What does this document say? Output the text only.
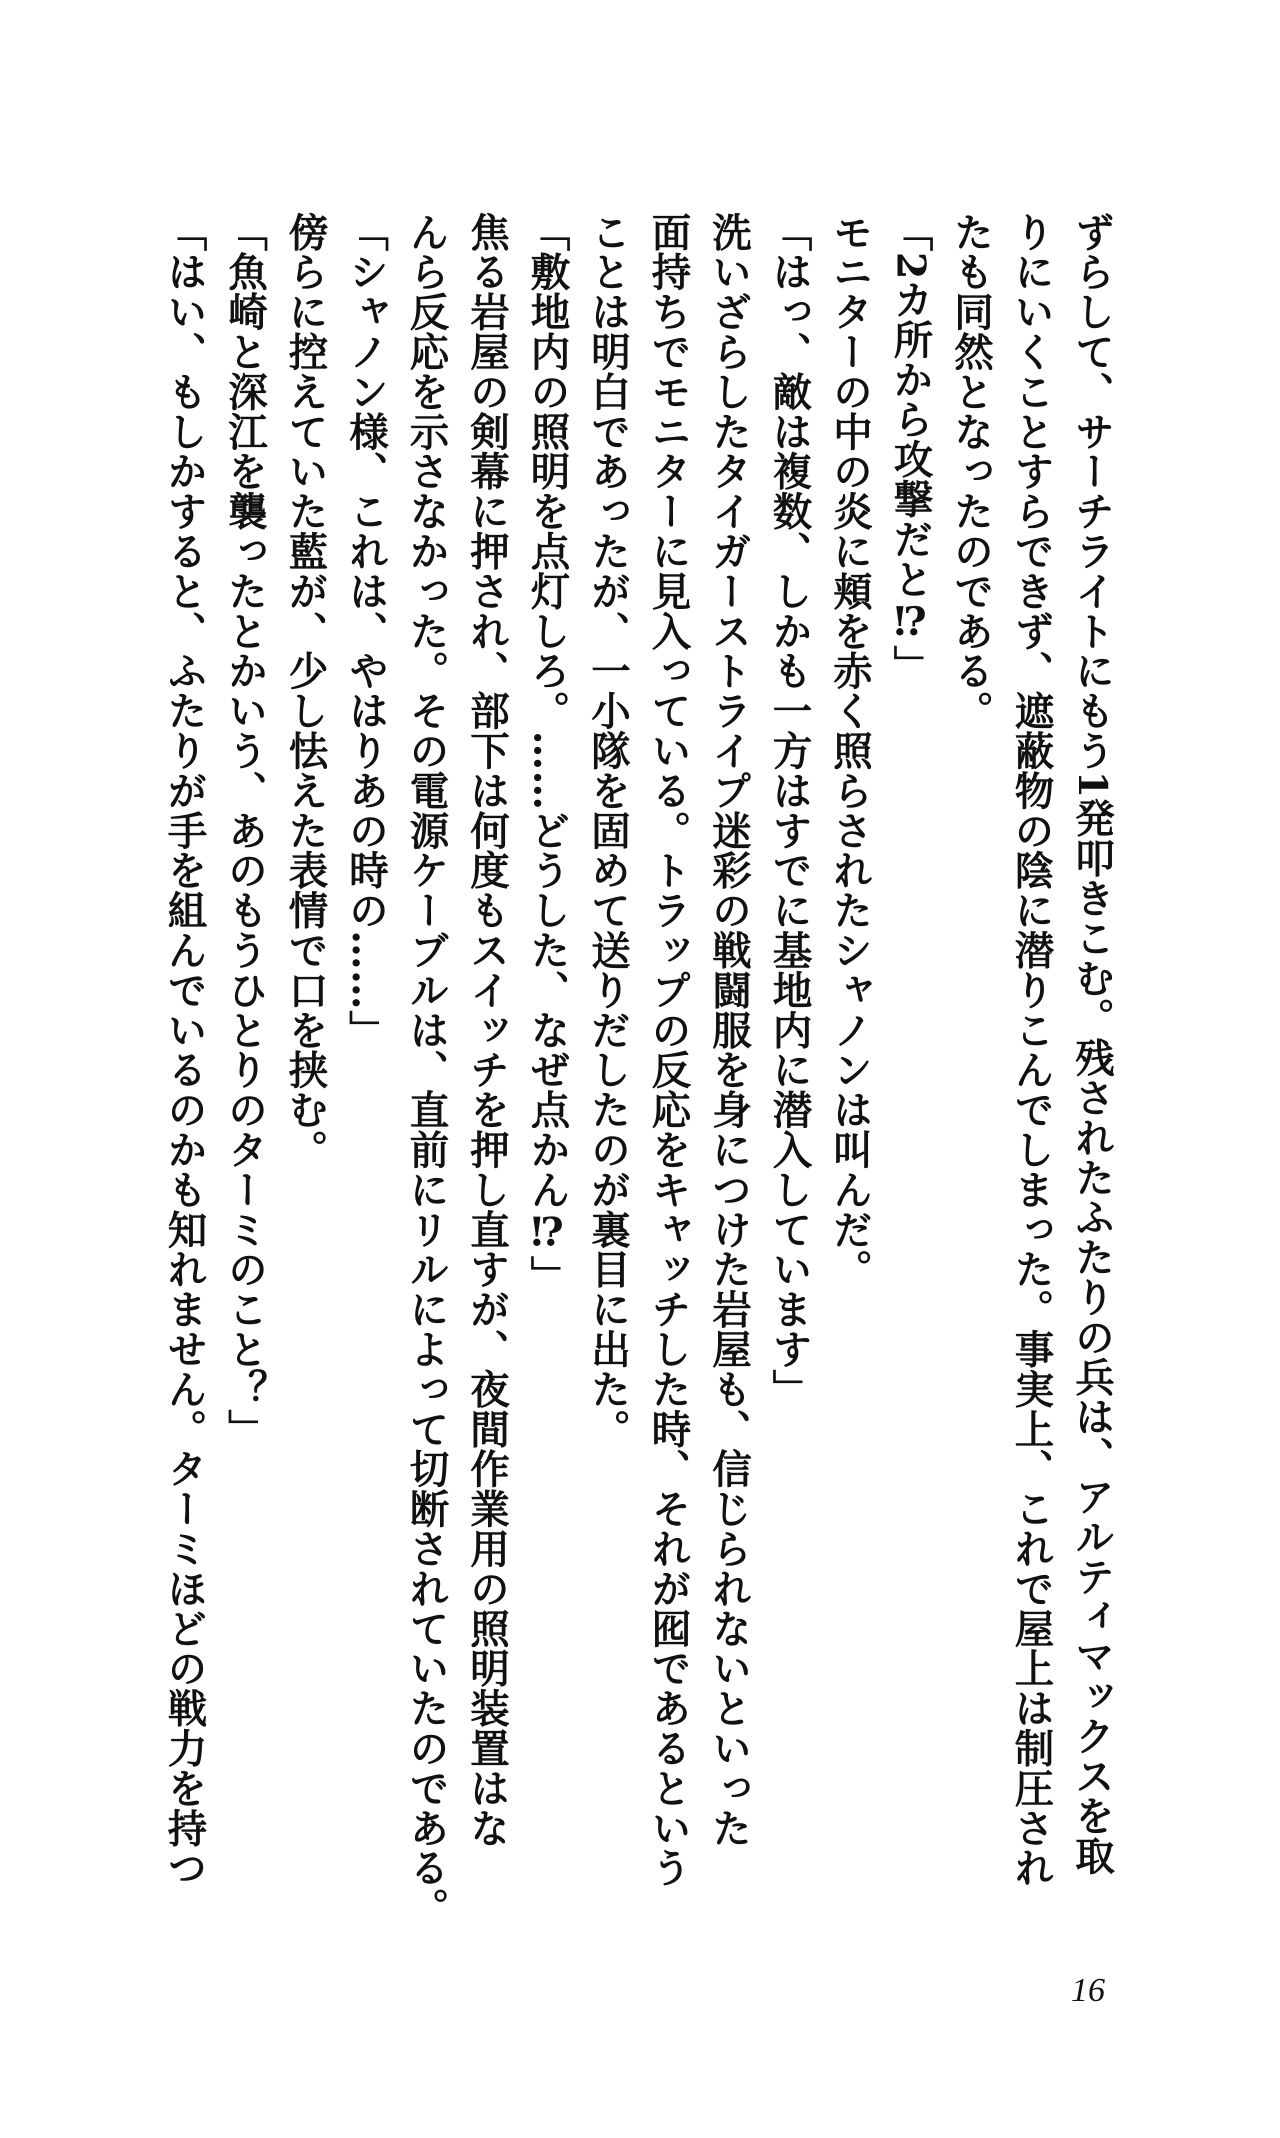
ずらして、サーチライトにもう1発叩きこむ。残されたふたりの兵は、アルティマックスを取
りにいくことすらできず、遮蔽物の陰に潜りこんでしまった。事実上、これで屋上は制圧され
たも同然となったのである。
「2カ所から攻撃だと⁉」
モニターの中の炎に頬を赤く照らされたシャノンは叫んだ。
「はっ、敵は複数、しかも一方はすでに基地内に潜入しています」
洗いざらしたタイガーストライプ迷彩の戦闘服を身につけた岩屋も、信じられないといった
面持ちでモニターに見入っている。トラップの反応をキャッチした時、それが囮であるという
ことは明白であったが、一小隊を固めて送りだしたのが裏目に出た。
「敷地内の照明を点灯しろ。……どうした、なぜ点かん⁉」
焦る岩屋の剣幕に押され、部下は何度もスイッチを押し直すが、夜間作業用の照明装置はな
んら反応を示さなかった。その電源ケーブルは、直前にリルによって切断されていたのである。
「シャノン様、これは、やはりあの時の……」
傍らに控えていた藍が、少し怯えた表情で口を挟む。
「魚崎と深江を襲ったとかいう、あのもうひとりのターミのこと？」
「はい、もしかすると、ふたりが手を組んでいるのかも知れません。ターミほどの戦力を持つ
16
